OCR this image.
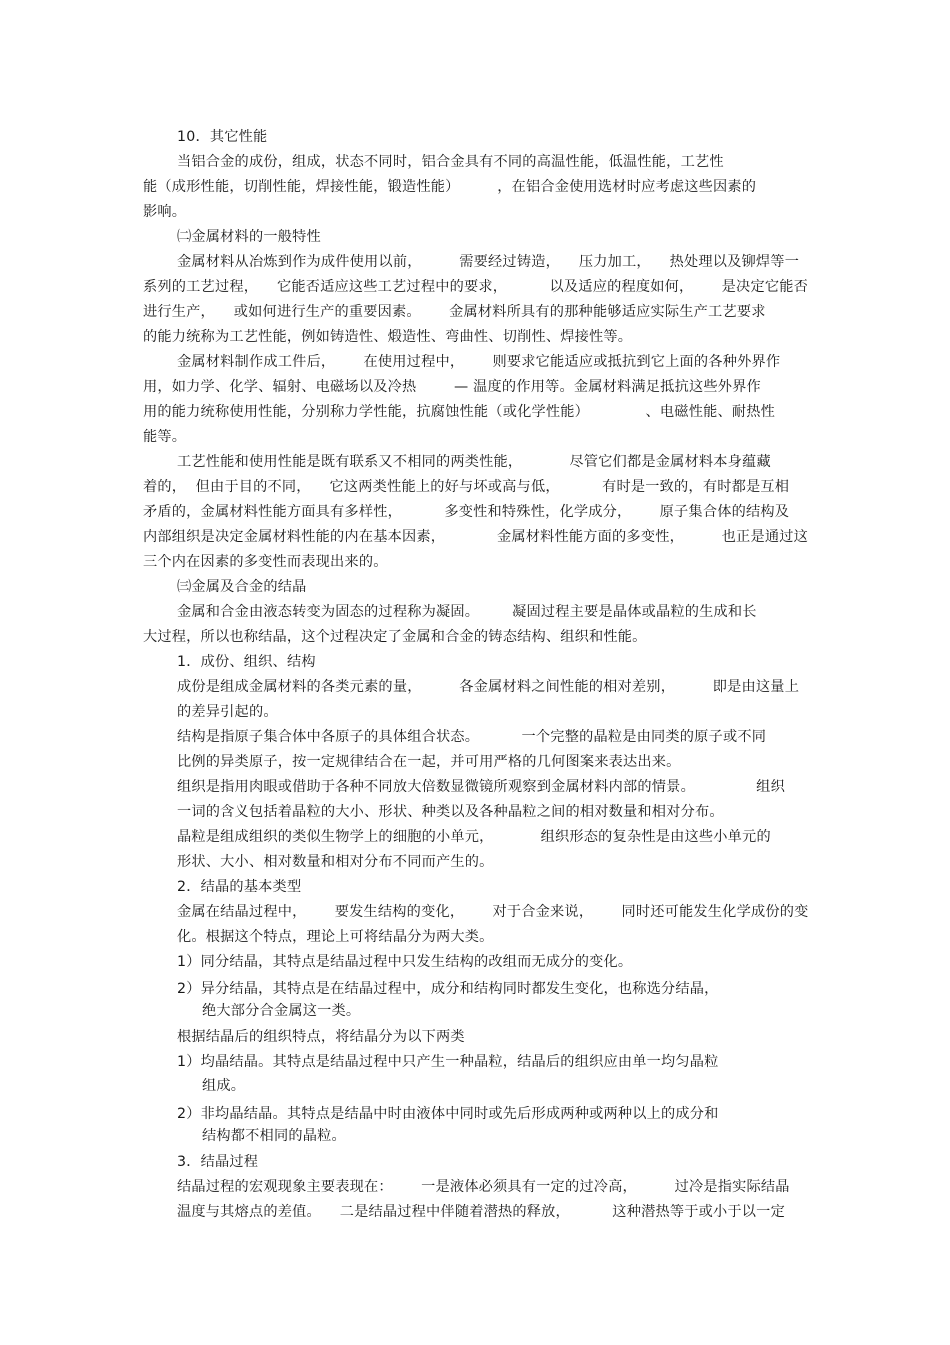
10．其它性能
当铝合金的成份，组成，状态不同时，铝合金具有不同的高温性能，低温性能，工艺性
能（成形性能，切削性能，焊接性能，锻造性能）        ，在铝合金使用选材时应考虑这些因素的
影响。
㈡金属材料的一般特性
金属材料从冶炼到作为成件使用以前，        需要经过铸造，    压力加工，    热处理以及铆焊等一
系列的工艺过程，    它能否适应这些工艺过程中的要求，         以及适应的程度如何，      是决定它能否
进行生产，    或如何进行生产的重要因素。      金属材料所具有的那种能够适应实际生产工艺要求
的能力统称为工艺性能，例如铸造性、煅造性、弯曲性、切削性、焊接性等。
金属材料制作成工件后，      在使用过程中，      则要求它能适应或抵抗到它上面的各种外界作
用，如力学、化学、辐射、电磁场以及冷热        — 温度的作用等。金属材料满足抵抗这些外界作
用的能力统称使用性能，分别称力学性能，抗腐蚀性能（或化学性能）            、电磁性能、耐热性
能等。
工艺性能和使用性能是既有联系又不相同的两类性能，          尽管它们都是金属材料本身蕴藏
着的，  但由于目的不同，    它这两类性能上的好与坏或高与低，         有时是一致的，有时都是互相
矛盾的，金属材料性能方面具有多样性，         多变性和特殊性，化学成分，      原子集合体的结构及
内部组织是决定金属材料性能的内在基本因素，           金属材料性能方面的多变性，        也正是通过这
三个内在因素的多变性而表现出来的。
㈢金属及合金的结晶
金属和合金由液态转变为固态的过程称为凝固。       凝固过程主要是晶体或晶粒的生成和长
大过程，所以也称结晶，这个过程决定了金属和合金的铸态结构、组织和性能。
1．成份、组织、结构
成份是组成金属材料的各类元素的量，        各金属材料之间性能的相对差别，        即是由这量上
的差异引起的。
结构是指原子集合体中各原子的具体组合状态。         一个完整的晶粒是由同类的原子或不同
比例的异类原子，按一定规律结合在一起，并可用严格的几何图案来表达出来。
组织是指用肉眼或借助于各种不同放大倍数显微镜所观察到金属材料内部的情景。             组织
一词的含义包括着晶粒的大小、形状、种类以及各种晶粒之间的相对数量和相对分布。
晶粒是组成组织的类似生物学上的细胞的小单元，          组织形态的复杂性是由这些小单元的
形状、大小、相对数量和相对分布不同而产生的。
2．结晶的基本类型
金属在结晶过程中，      要发生结构的变化，      对于合金来说，      同时还可能发生化学成份的变
化。根据这个特点，理论上可将结晶分为两大类。
1）同分结晶，其特点是结晶过程中只发生结构的改组而无成分的变化。
2）异分结晶，其特点是在结晶过程中，成分和结构同时都发生变化，也称选分结晶，
绝大部分合金属这一类。
根据结晶后的组织特点，将结晶分为以下两类
1）均晶结晶。其特点是结晶过程中只产生一种晶粒，结晶后的组织应由单一均匀晶粒
组成。
2）非均晶结晶。其特点是结晶中时由液体中同时或先后形成两种或两种以上的成分和
结构都不相同的晶粒。
3．结晶过程
结晶过程的宏观现象主要表现在：      一是液体必须具有一定的过冷高，        过冷是指实际结晶
温度与其熔点的差值。    二是结晶过程中伴随着潜热的释放，         这种潜热等于或小于以一定
